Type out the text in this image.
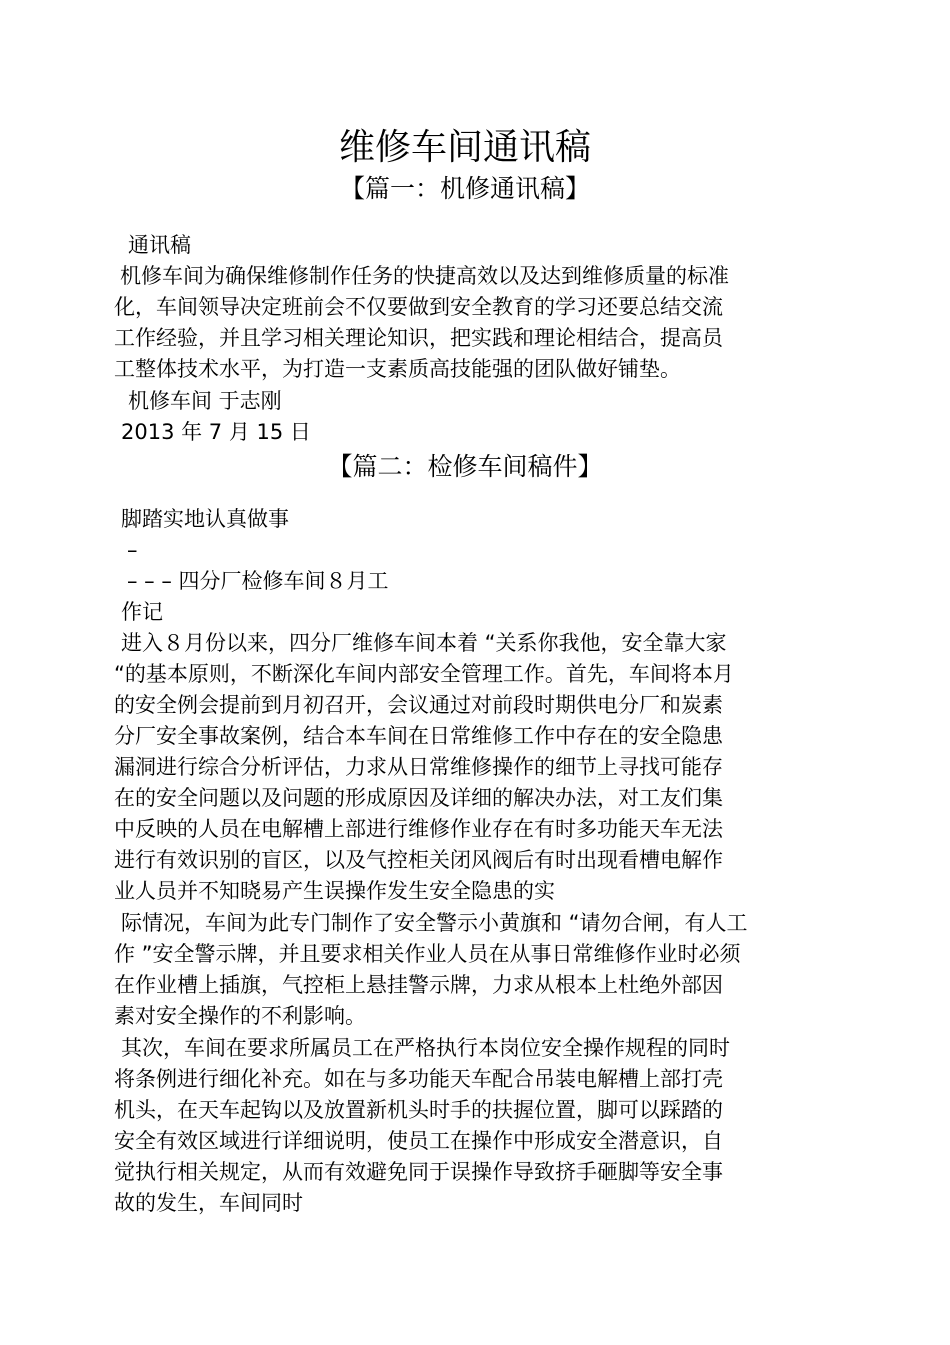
维修车间通讯稿
【篇一：机修通讯稿】
通讯稿
机修车间为确保维修制作任务的快捷高效以及达到维修质量的标准
化，车间领导决定班前会不仅要做到安全教育的学习还要总结交流
工作经验，并且学习相关理论知识，把实践和理论相结合，提高员
工整体技术水平，为打造一支素质高技能强的团队做好铺垫。
机修车间 于志刚
2013 年 7 月 15 日
【篇二：检修车间稿件】
脚踏实地认真做事
–
– – – 四分厂检修车间８月工
作记
进入８月份以来，四分厂维修车间本着 “关系你我他，安全靠大家
“的基本原则，不断深化车间内部安全管理工作。首先，车间将本月
的安全例会提前到月初召开，会议通过对前段时期供电分厂和炭素
分厂安全事故案例，结合本车间在日常维修工作中存在的安全隐患
漏洞进行综合分析评估，力求从日常维修操作的细节上寻找可能存
在的安全问题以及问题的形成原因及详细的解决办法，对工友们集
中反映的人员在电解槽上部进行维修作业存在有时多功能天车无法
进行有效识别的盲区，以及气控柜关闭风阀后有时出现看槽电解作
业人员并不知晓易产生误操作发生安全隐患的实
际情况，车间为此专门制作了安全警示小黄旗和 “请勿合闸，有人工
作 ”安全警示牌，并且要求相关作业人员在从事日常维修作业时必须
在作业槽上插旗，气控柜上悬挂警示牌，力求从根本上杜绝外部因
素对安全操作的不利影响。
其次，车间在要求所属员工在严格执行本岗位安全操作规程的同时
将条例进行细化补充。如在与多功能天车配合吊装电解槽上部打壳
机头，在天车起钩以及放置新机头时手的扶握位置，脚可以踩踏的
安全有效区域进行详细说明，使员工在操作中形成安全潜意识，自
觉执行相关规定，从而有效避免同于误操作导致挤手砸脚等安全事
故的发生，车间同时
